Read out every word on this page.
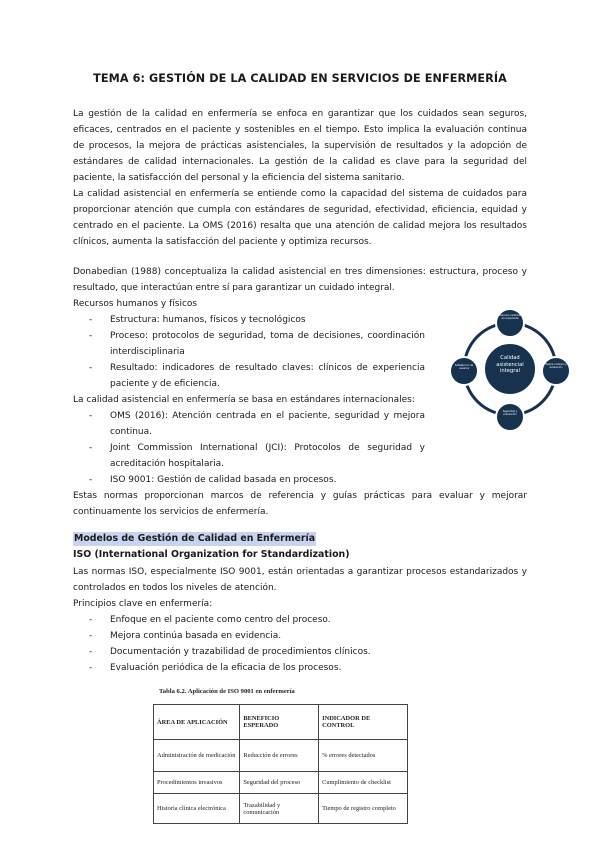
TEMA 6: GESTIÓN DE LA CALIDAD EN SERVICIOS DE ENFERMERÍA
La gestión de la calidad en enfermería se enfoca en garantizar que los cuidados sean seguros, eficaces, centrados en el paciente y sostenibles en el tiempo. Esto implica la evaluación continua de procesos, la mejora de prácticas asistenciales, la supervisión de resultados y la adopción de estándares de calidad internacionales. La gestión de la calidad es clave para la seguridad del paciente, la satisfacción del personal y la eficiencia del sistema sanitario.
La calidad asistencial en enfermería se entiende como la capacidad del sistema de cuidados para proporcionar atención que cumpla con estándares de seguridad, efectividad, eficiencia, equidad y centrado en el paciente. La OMS (2016) resalta que una atención de calidad mejora los resultados clínicos, aumenta la satisfacción del paciente y optimiza recursos.
Donabedian (1988) conceptualiza la calidad asistencial en tres dimensiones: estructura, proceso y resultado, que interactúan entre sí para garantizar un cuidado integral.
Recursos humanos y físicos
- Estructura: humanos, físicos y tecnológicos
- Proceso: protocolos de seguridad, toma de decisiones, coordinación interdisciplinaria
- Resultado: indicadores de resultado claves: clínicos de experiencia paciente y de eficiencia.
La calidad asistencial en enfermería se basa en estándares internacionales:
- OMS (2016): Atención centrada en el paciente, seguridad y mejora continua.
- Joint Commission International (JCI): Protocolos de seguridad y acreditación hospitalaria.
- ISO 9001: Gestión de calidad basada en procesos.
Estas normas proporcionan marcos de referencia y guías prácticas para evaluar y mejorar continuamente los servicios de enfermería.
Calidad asistencial integral
Atención centrada en el paciente
Mejora continua y evaluación
Seguridad y prevención
Satisfacción de usuarios
Modelos de Gestión de Calidad en Enfermería
ISO (International Organization for Standardization)
Las normas ISO, especialmente ISO 9001, están orientadas a garantizar procesos estandarizados y controlados en todos los niveles de atención.
Principios clave en enfermería:
- Enfoque en el paciente como centro del proceso.
- Mejora continúa basada en evidencia.
- Documentación y trazabilidad de procedimientos clínicos.
- Evaluación periódica de la eficacia de los procesos.
Tabla 6.2. Aplicación de ISO 9001 en enfermería
ÁREA DE APLICACIÓN	BENEFICIO ESPERADO	INDICADOR DE CONTROL
Administración de medicación	Reducción de errores	% errores detectados
Procedimientos invasivos	Seguridad del proceso	Cumplimiento de checklist
Historia clínica electrónica	Trazabilidad y comunicación	Tiempo de registro completo
